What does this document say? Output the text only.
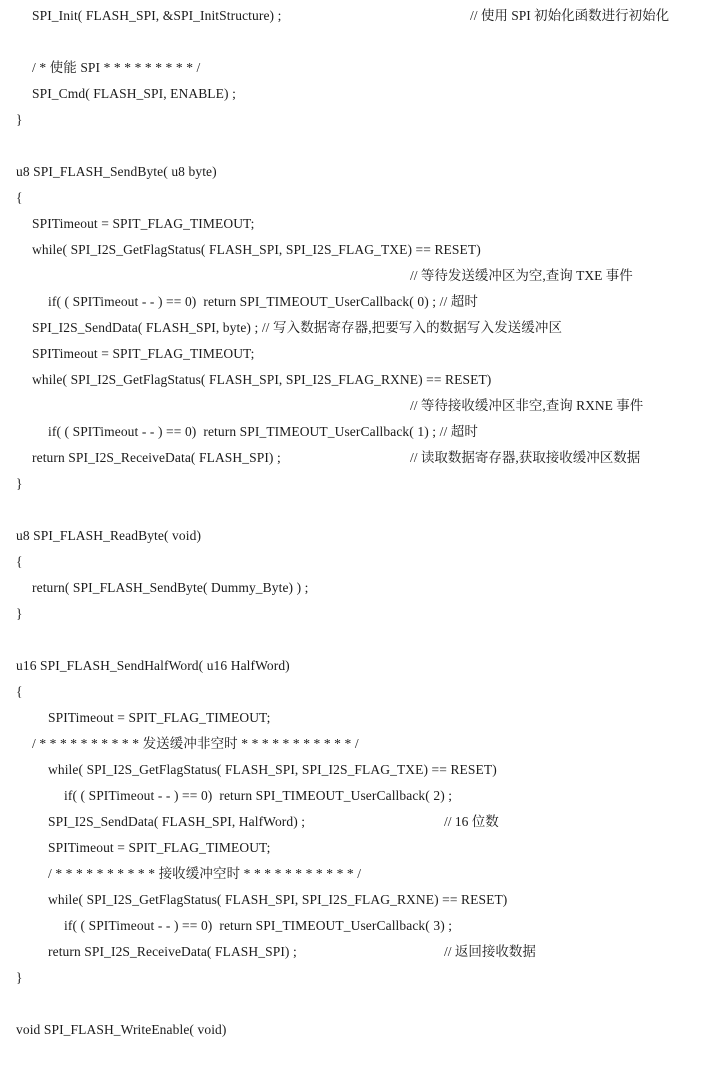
SPI_Init( FLASH_SPI, &SPI_InitStructure) ;	// 使用 SPI 初始化函数进行初始化
/ * 使能 SPI * * * * * * * * * /
SPI_Cmd( FLASH_SPI, ENABLE) ;
}
u8 SPI_FLASH_SendByte( u8 byte)
{
SPITimeout = SPIT_FLAG_TIMEOUT;
while( SPI_I2S_GetFlagStatus( FLASH_SPI, SPI_I2S_FLAG_TXE) == RESET)
// 等待发送缓冲区为空,查询 TXE 事件
if( ( SPITimeout - - ) == 0)  return SPI_TIMEOUT_UserCallback( 0) ; // 超时
SPI_I2S_SendData( FLASH_SPI, byte) ; // 写入数据寄存器,把要写入的数据写入发送缓冲区
SPITimeout = SPIT_FLAG_TIMEOUT;
while( SPI_I2S_GetFlagStatus( FLASH_SPI, SPI_I2S_FLAG_RXNE) == RESET)
// 等待接收缓冲区非空,查询 RXNE 事件
if( ( SPITimeout - - ) == 0)  return SPI_TIMEOUT_UserCallback( 1) ; // 超时
return SPI_I2S_ReceiveData( FLASH_SPI) ;	// 读取数据寄存器,获取接收缓冲区数据
}
u8 SPI_FLASH_ReadByte( void)
{
return( SPI_FLASH_SendByte( Dummy_Byte) ) ;
}
u16 SPI_FLASH_SendHalfWord( u16 HalfWord)
{
SPITimeout = SPIT_FLAG_TIMEOUT;
/ * * * * * * * * * * 发送缓冲非空时 * * * * * * * * * * * /
while( SPI_I2S_GetFlagStatus( FLASH_SPI, SPI_I2S_FLAG_TXE) == RESET)
if( ( SPITimeout - - ) == 0)  return SPI_TIMEOUT_UserCallback( 2) ;
SPI_I2S_SendData( FLASH_SPI, HalfWord) ;	// 16 位数
SPITimeout = SPIT_FLAG_TIMEOUT;
/ * * * * * * * * * * 接收缓冲空时 * * * * * * * * * * * /
while( SPI_I2S_GetFlagStatus( FLASH_SPI, SPI_I2S_FLAG_RXNE) == RESET)
if( ( SPITimeout - - ) == 0)  return SPI_TIMEOUT_UserCallback( 3) ;
return SPI_I2S_ReceiveData( FLASH_SPI) ;	// 返回接收数据
}
void SPI_FLASH_WriteEnable( void)
